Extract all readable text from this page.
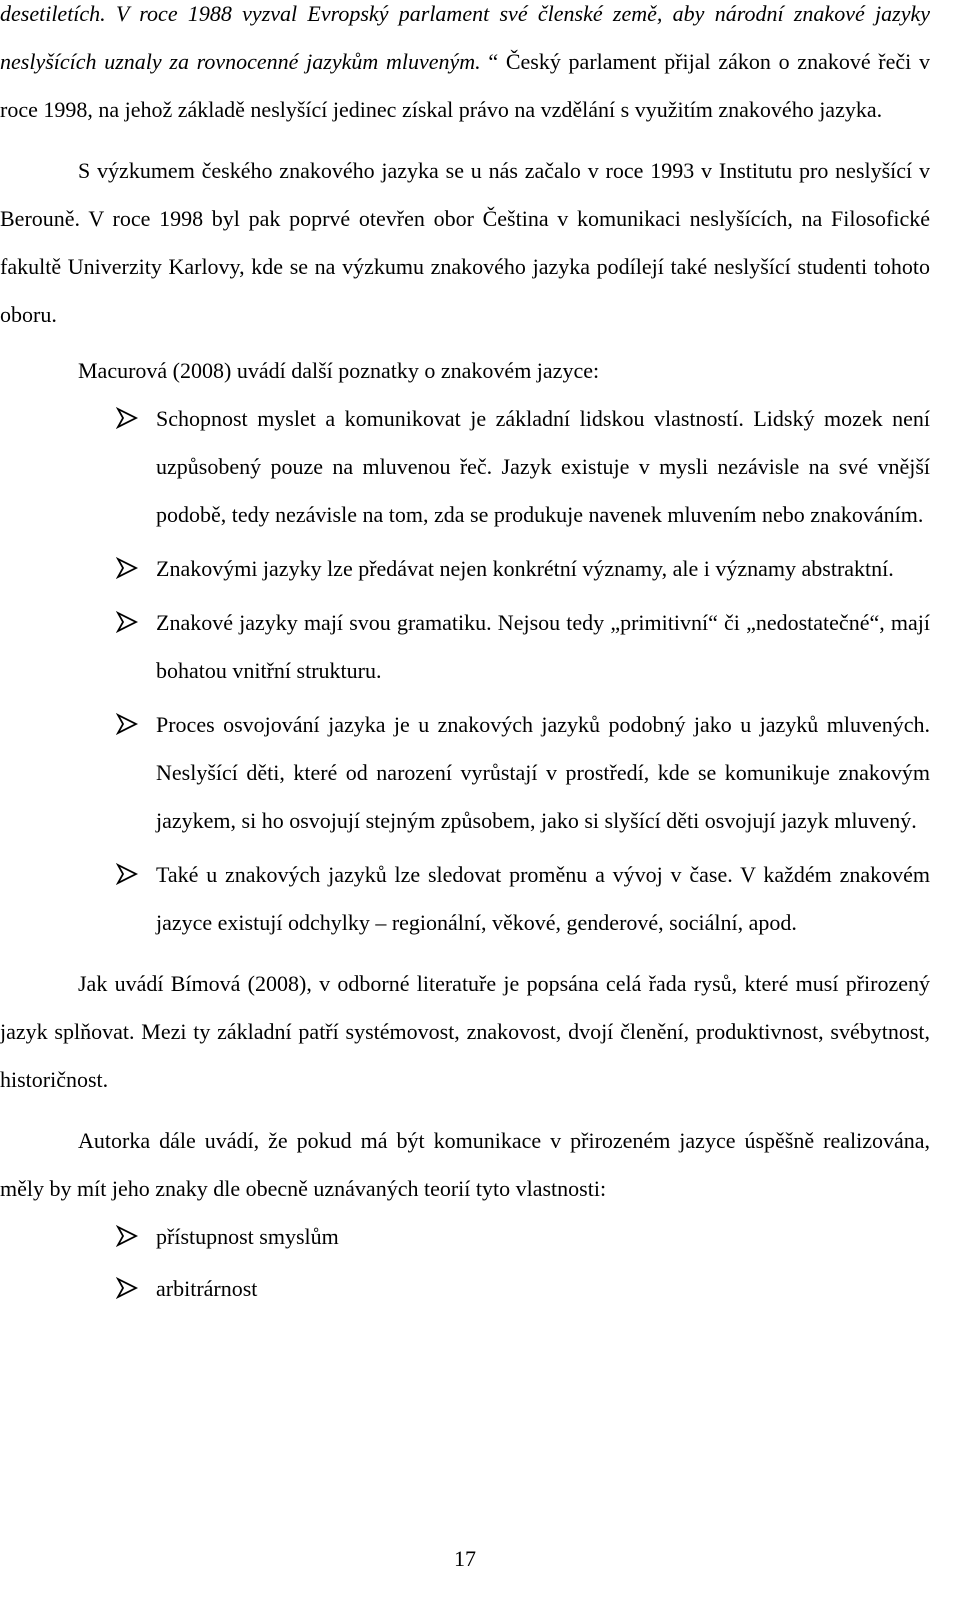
desetiletích. V roce 1988 vyzval Evropský parlament své členské země, aby národní znakové jazyky neslyšících uznaly za rovnocenné jazykům mluveným. “ Český parlament přijal zákon o znakové řeči v roce 1998, na jehož základě neslyšící jedinec získal právo na vzdělání s využitím znakového jazyka.

S výzkumem českého znakového jazyka se u nás začalo v roce 1993 v Institutu pro neslyšící v Berouně. V roce 1998 byl pak poprvé otevřen obor Čeština v komunikaci neslyšících, na Filosofické fakultě Univerzity Karlovy, kde se na výzkumu znakového jazyka podílejí také neslyšící studenti tohoto oboru.

Macurová (2008) uvádí další poznatky o znakovém jazyce:

Schopnost myslet a komunikovat je základní lidskou vlastností. Lidský mozek není uzpůsobený pouze na mluvenou řeč. Jazyk existuje v mysli nezávisle na své vnější podobě, tedy nezávisle na tom, zda se produkuje navenek mluvením nebo znakováním.
Znakovými jazyky lze předávat nejen konkrétní významy, ale i významy abstraktní.
Znakové jazyky mají svou gramatiku. Nejsou tedy „primitivní“ či „nedostatečné“, mají bohatou vnitřní strukturu.
Proces osvojování jazyka je u znakových jazyků podobný jako u jazyků mluvených. Neslyšící děti, které od narození vyrůstají v prostředí, kde se komunikuje znakovým jazykem, si ho osvojují stejným způsobem, jako si slyšící děti osvojují jazyk mluvený.
Také u znakových jazyků lze sledovat proměnu a vývoj v čase. V každém znakovém jazyce existují odchylky – regionální, věkové, genderové, sociální, apod.

Jak uvádí Bímová (2008), v odborné literatuře je popsána celá řada rysů, které musí přirozený jazyk splňovat. Mezi ty základní patří systémovost, znakovost, dvojí členění, produktivnost, svébytnost, historičnost.

Autorka dále uvádí, že pokud má být komunikace v přirozeném jazyce úspěšně realizována, měly by mít jeho znaky dle obecně uznávaných teorií tyto vlastnosti:

přístupnost smyslům
arbitrárnost
17
